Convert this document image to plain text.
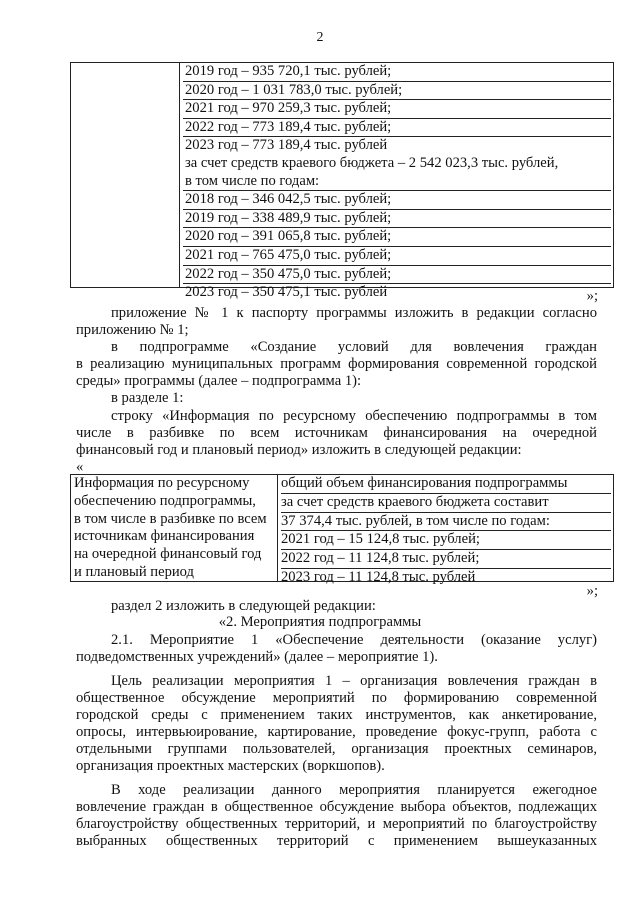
2
2019 год – 935 720,1 тыс. рублей;
2020 год – 1 031 783,0 тыс. рублей;
2021 год – 970 259,3 тыс. рублей;
2022 год – 773 189,4 тыс. рублей;
2023 год – 773 189,4 тыс. рублей
за счет средств краевого бюджета – 2 542 023,3 тыс. рублей,
в том числе по годам:
2018 год – 346 042,5 тыс. рублей;
2019 год – 338 489,9 тыс. рублей;
2020 год – 391 065,8 тыс. рублей;
2021 год – 765 475,0 тыс. рублей;
2022 год – 350 475,0 тыс. рублей;
2023 год – 350 475,1 тыс. рублей	»;
приложение № 1 к паспорту программы изложить в редакции согласно
приложению № 1;
в подпрограмме «Создание условий для вовлечения граждан
в реализацию муниципальных программ формирования современной городской
среды» программы (далее – подпрограмма 1):
в разделе 1:
строку «Информация по ресурсному обеспечению подпрограммы в том
числе в разбивке по всем источникам финансирования на очередной
финансовый год и плановый период» изложить в следующей редакции:
«
Информация по ресурсному
обеспечению подпрограммы,
в том числе в разбивке по всем
источникам финансирования
на очередной финансовый год
и плановый период
общий объем финансирования подпрограммы
за счет средств краевого бюджета составит
37 374,4 тыс. рублей, в том числе по годам:
2021 год – 15 124,8 тыс. рублей;
2022 год – 11 124,8 тыс. рублей;
2023 год – 11 124,8 тыс. рублей
»;
раздел 2 изложить в следующей редакции:
«2. Мероприятия подпрограммы
2.1. Мероприятие 1 «Обеспечение деятельности (оказание услуг)
подведомственных учреждений» (далее – мероприятие 1).
Цель реализации мероприятия 1 – организация вовлечения граждан в
общественное обсуждение мероприятий по формированию современной
городской среды с применением таких инструментов, как анкетирование,
опросы, интервьюирование, картирование, проведение фокус-групп, работа с
отдельными группами пользователей, организация проектных семинаров,
организация проектных мастерских (воркшопов).
В ходе реализации данного мероприятия планируется ежегодное
вовлечение граждан в общественное обсуждение выбора объектов, подлежащих
благоустройству общественных территорий, и мероприятий по благоустройству
выбранных общественных территорий с применением вышеуказанных
